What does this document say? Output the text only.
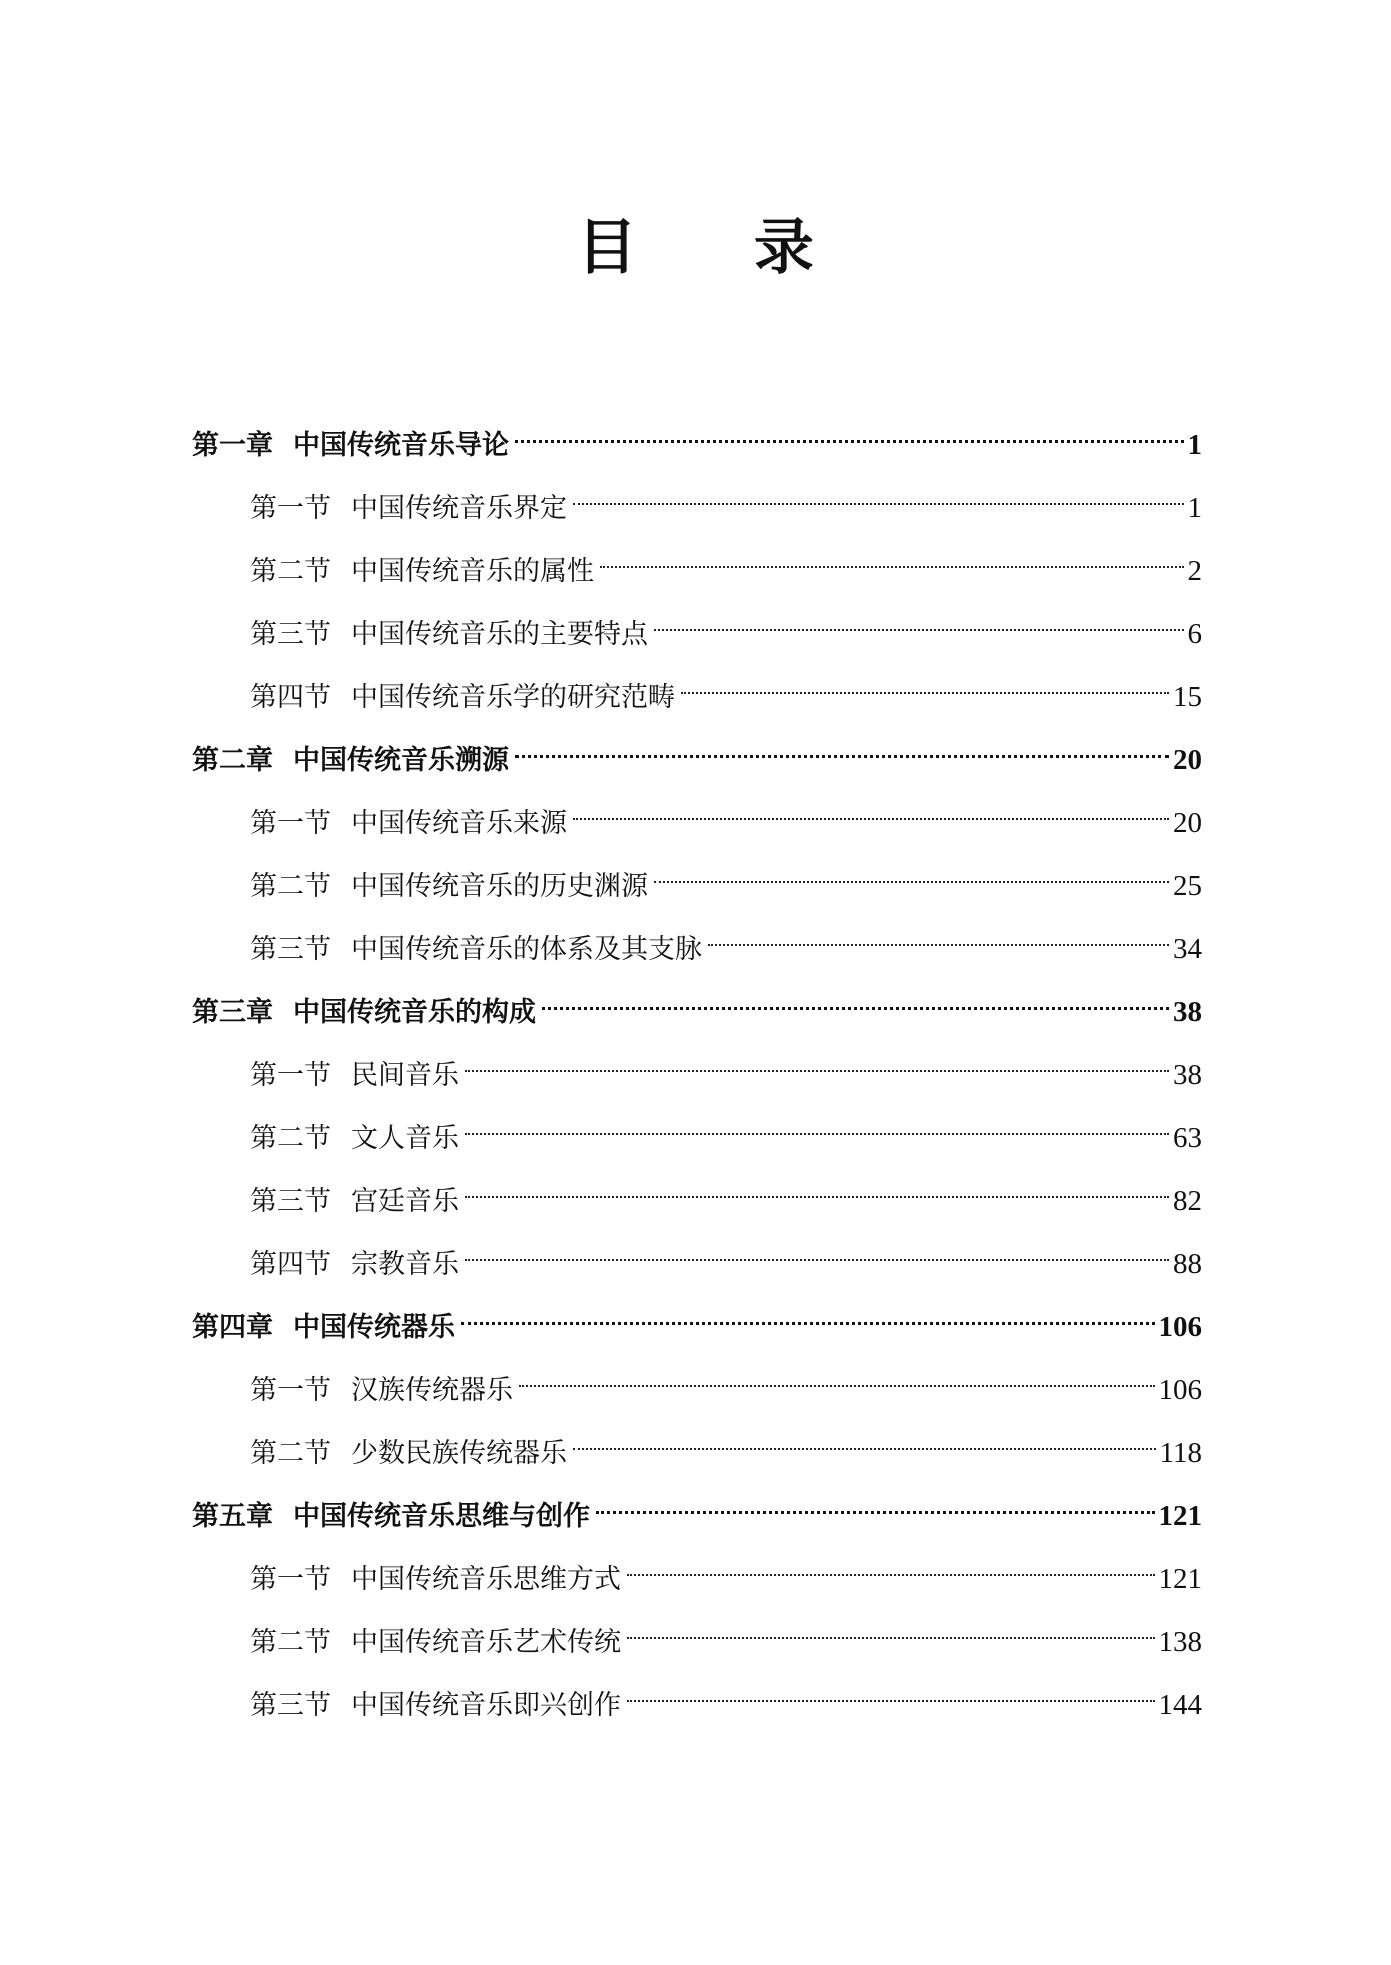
目 录
第一章 中国传统音乐导论	1
第一节 中国传统音乐界定	1
第二节 中国传统音乐的属性	2
第三节 中国传统音乐的主要特点	6
第四节 中国传统音乐学的研究范畴	15
第二章 中国传统音乐溯源	20
第一节 中国传统音乐来源	20
第二节 中国传统音乐的历史渊源	25
第三节 中国传统音乐的体系及其支脉	34
第三章 中国传统音乐的构成	38
第一节 民间音乐	38
第二节 文人音乐	63
第三节 宫廷音乐	82
第四节 宗教音乐	88
第四章 中国传统器乐	106
第一节 汉族传统器乐	106
第二节 少数民族传统器乐	118
第五章 中国传统音乐思维与创作	121
第一节 中国传统音乐思维方式	121
第二节 中国传统音乐艺术传统	138
第三节 中国传统音乐即兴创作	144
